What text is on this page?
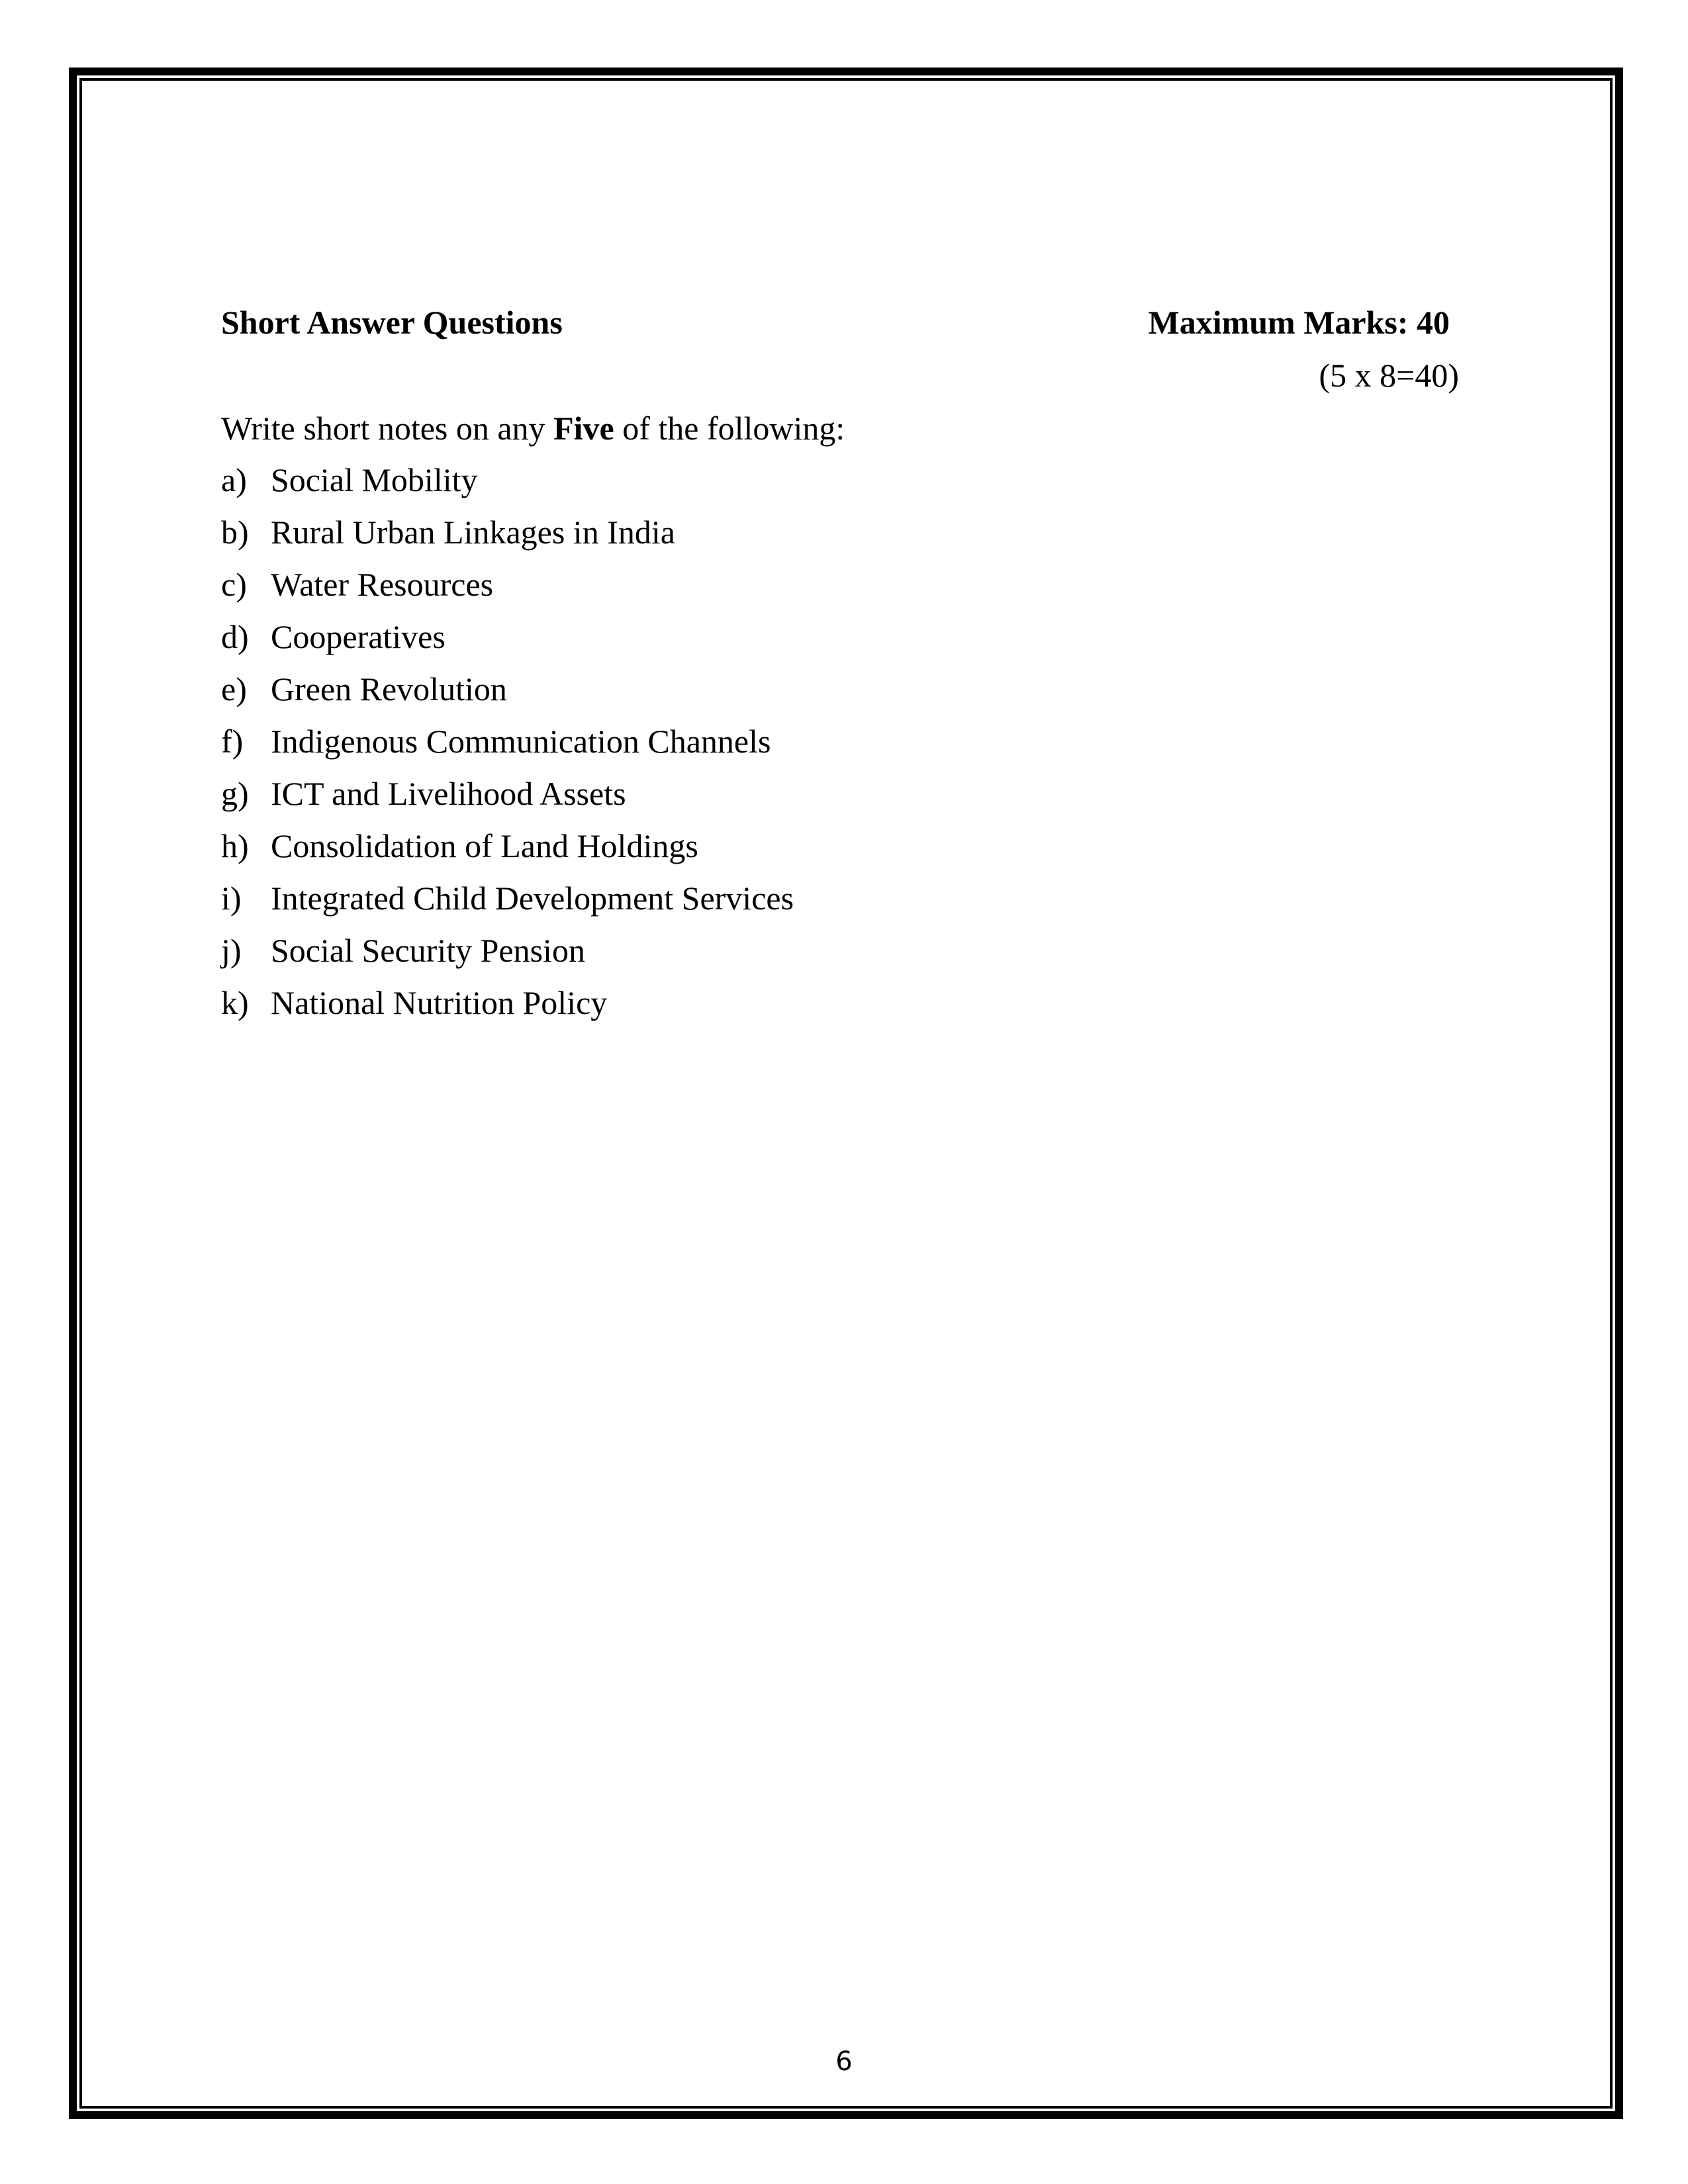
Short Answer Questions	Maximum Marks: 40
(5 x 8=40)
Write short notes on any Five of the following:
a) Social Mobility
b) Rural Urban Linkages in India
c) Water Resources
d) Cooperatives
e) Green Revolution
f) Indigenous Communication Channels
g) ICT and Livelihood Assets
h) Consolidation of Land Holdings
i) Integrated Child Development Services
j) Social Security Pension
k) National Nutrition Policy
6
